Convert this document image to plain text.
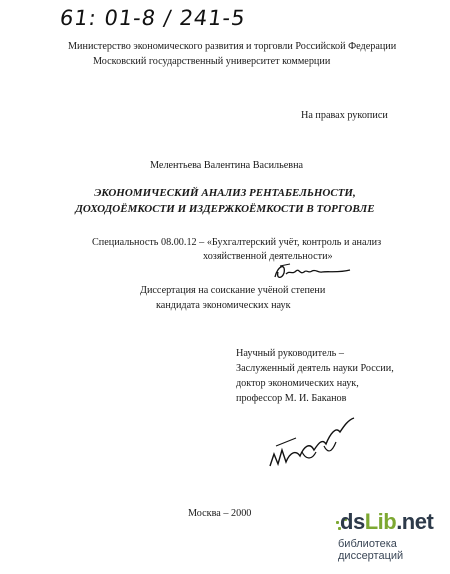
61: 01-8 / 241-5
Министерство экономического развития и торговли Российской Федерации
Московский государственный университет коммерции
На правах рукописи
Мелентьева Валентина Васильевна
ЭКОНОМИЧЕСКИЙ АНАЛИЗ РЕНТАБЕЛЬНОСТИ,
ДОХОДОЁМКОСТИ И ИЗДЕРЖКОЁМКОСТИ В ТОРГОВЛЕ
Специальность 08.00.12 – «Бухгалтерский учёт, контроль и анализ
хозяйственной деятельности»
Диссертация на соискание учёной степени
кандидата экономических наук
Научный руководитель –
Заслуженный деятель науки России,
доктор экономических наук,
профессор М. И. Баканов
Москва – 2000	dsLib.net
библиотека диссертаций
